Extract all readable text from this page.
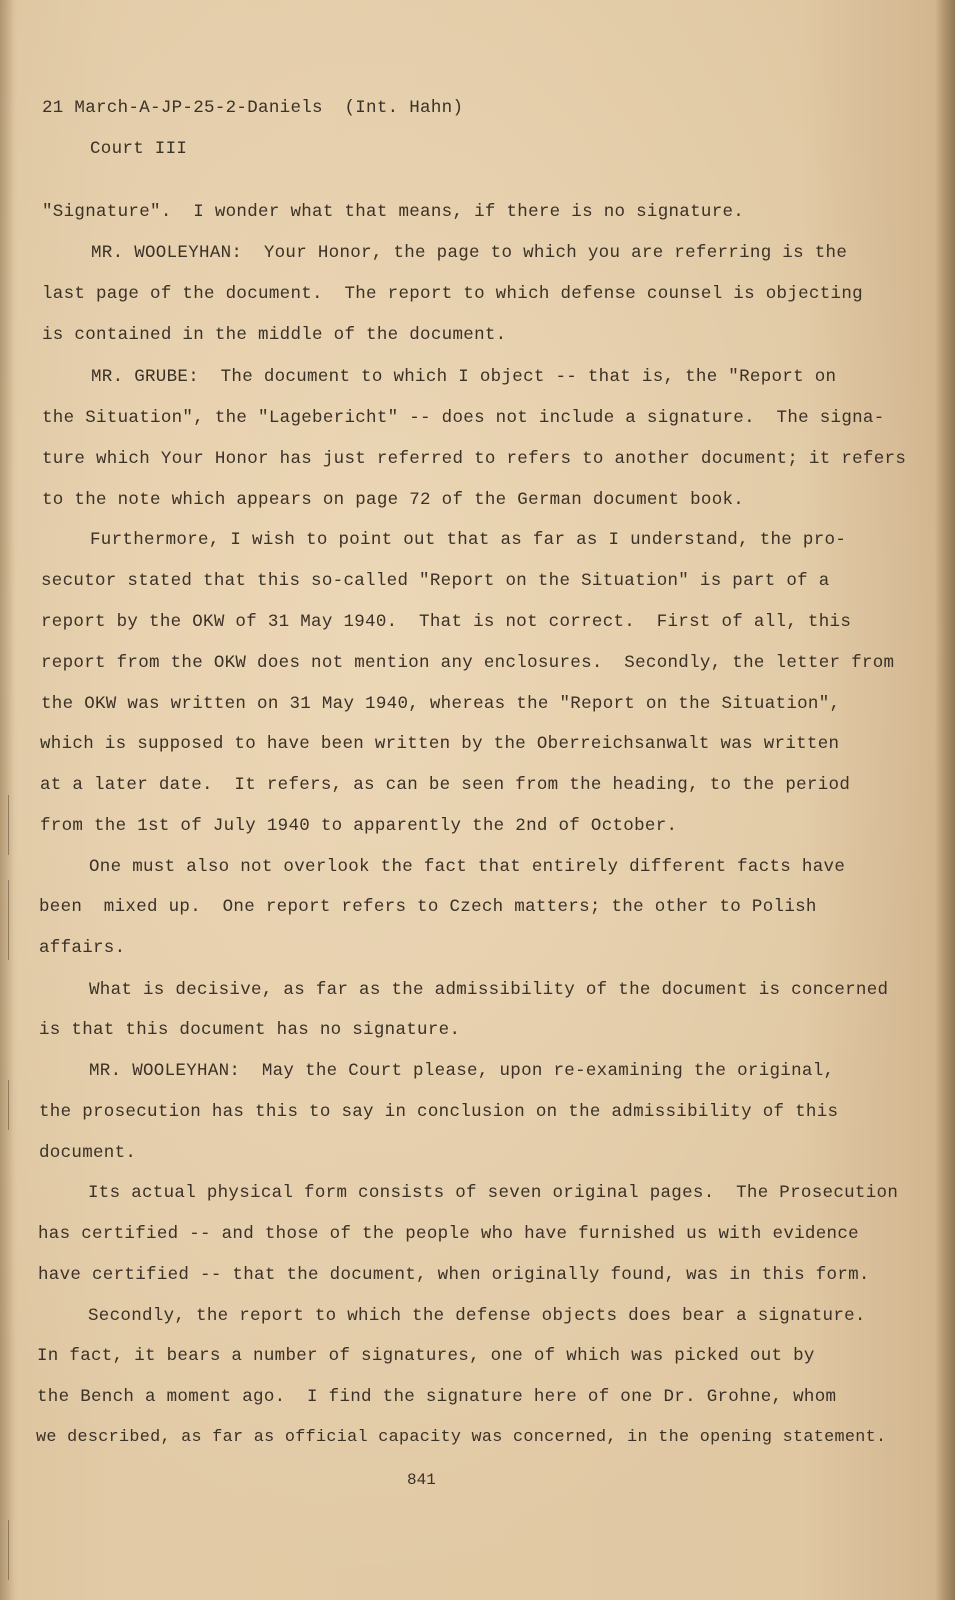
21 March-A-JP-25-2-Daniels  (Int. Hahn)
Court III
"Signature".  I wonder what that means, if there is no signature.
MR. WOOLEYHAN:  Your Honor, the page to which you are referring is the
last page of the document.  The report to which defense counsel is objecting
is contained in the middle of the document.
MR. GRUBE:  The document to which I object -- that is, the "Report on
the Situation", the "Lagebericht" -- does not include a signature.  The signa-
ture which Your Honor has just referred to refers to another document; it refers
to the note which appears on page 72 of the German document book.
Furthermore, I wish to point out that as far as I understand, the pro-
secutor stated that this so-called "Report on the Situation" is part of a
report by the OKW of 31 May 1940.  That is not correct.  First of all, this
report from the OKW does not mention any enclosures.  Secondly, the letter from
the OKW was written on 31 May 1940, whereas the "Report on the Situation",
which is supposed to have been written by the Oberreichsanwalt was written
at a later date.  It refers, as can be seen from the heading, to the period
from the 1st of July 1940 to apparently the 2nd of October.
One must also not overlook the fact that entirely different facts have
been  mixed up.  One report refers to Czech matters; the other to Polish
affairs.
What is decisive, as far as the admissibility of the document is concerned
is that this document has no signature.
MR. WOOLEYHAN:  May the Court please, upon re-examining the original,
the prosecution has this to say in conclusion on the admissibility of this
document.
Its actual physical form consists of seven original pages.  The Prosecution
has certified -- and those of the people who have furnished us with evidence
have certified -- that the document, when originally found, was in this form.
Secondly, the report to which the defense objects does bear a signature.
In fact, it bears a number of signatures, one of which was picked out by
the Bench a moment ago.  I find the signature here of one Dr. Grohne, whom
we described, as far as official capacity was concerned, in the opening statement.
841
